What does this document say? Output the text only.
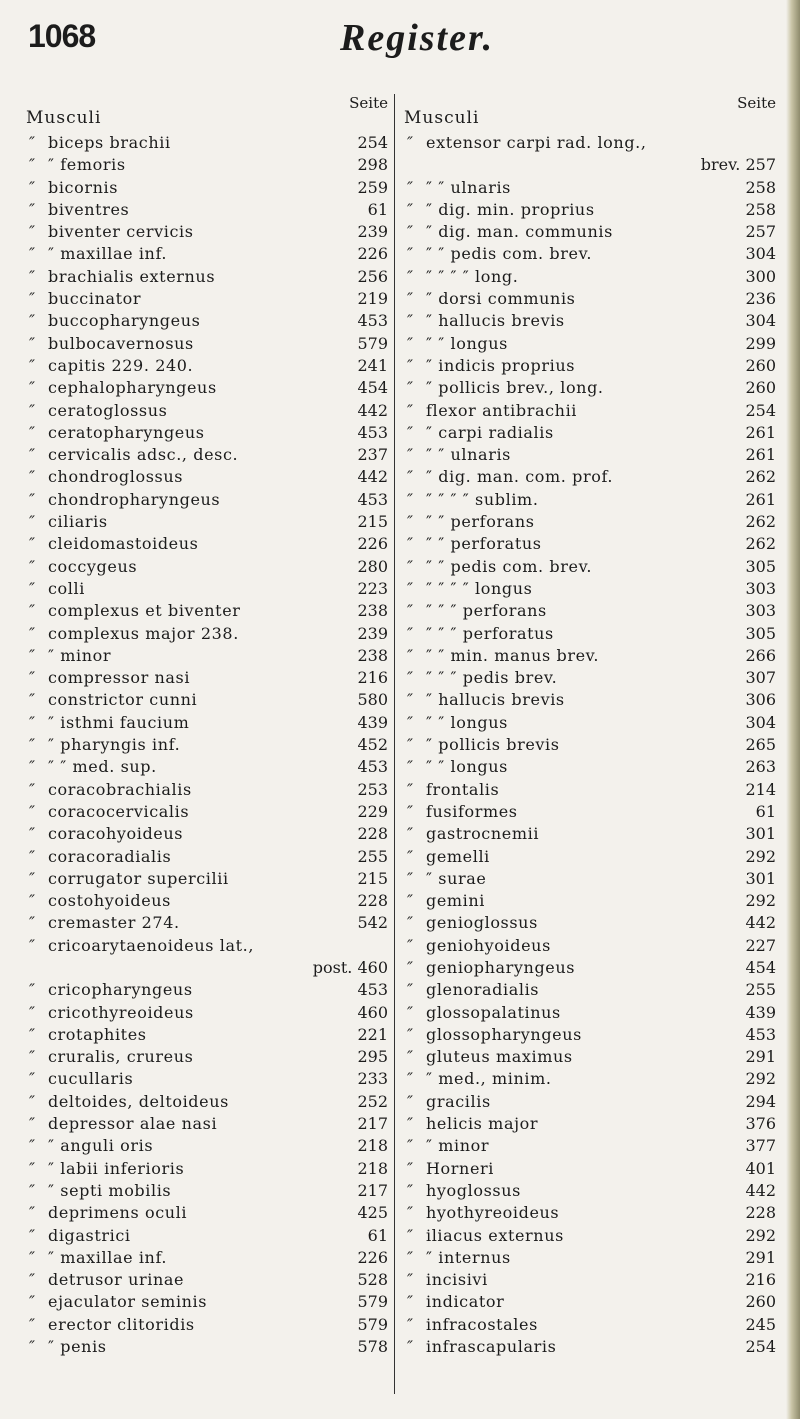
1068	Register.
Seite
Musculi
″ biceps brachii	254
″ ″ femoris	298
″ bicornis	259
″ biventres	61
″ biventer cervicis	239
″ ″ maxillae inf.	226
″ brachialis externus	256
″ buccinator	219
″ buccopharyngeus	453
″ bulbocavernosus	579
″ capitis 229. 240.	241
″ cephalopharyngeus	454
″ ceratoglossus	442
″ ceratopharyngeus	453
″ cervicalis adsc., desc.	237
″ chondroglossus	442
″ chondropharyngeus	453
″ ciliaris	215
″ cleidomastoideus	226
″ coccygeus	280
″ colli	223
″ complexus et biventer	238
″ complexus major 238.	239
″ ″ minor	238
″ compressor nasi	216
″ constrictor cunni	580
″ ″ isthmi faucium	439
″ ″ pharyngis inf.	452
″ ″ ″ med. sup.	453
″ coracobrachialis	253
″ coracocervicalis	229
″ coracohyoideus	228
″ coracoradialis	255
″ corrugator supercilii	215
″ costohyoideus	228
″ cremaster 274.	542
″ cricoarytaenoideus lat.,
post. 460
″ cricopharyngeus	453
″ cricothyreoideus	460
″ crotaphites	221
″ cruralis, crureus	295
″ cucullaris	233
″ deltoides, deltoideus	252
″ depressor alae nasi	217
″ ″ anguli oris	218
″ ″ labii inferioris	218
″ ″ septi mobilis	217
″ deprimens oculi	425
″ digastrici	61
″ ″ maxillae inf.	226
″ detrusor urinae	528
″ ejaculator seminis	579
″ erector clitoridis	579
″ ″ penis	578
Seite
Musculi
″ extensor carpi rad. long.,
brev. 257
″ ″ ″ ulnaris	258
″ ″ dig. min. proprius	258
″ ″ dig. man. communis	257
″ ″ ″ pedis com. brev.	304
″ ″ ″ ″ ″ long.	300
″ ″ dorsi communis	236
″ ″ hallucis brevis	304
″ ″ ″ longus	299
″ ″ indicis proprius	260
″ ″ pollicis brev., long.	260
″ flexor antibrachii	254
″ ″ carpi radialis	261
″ ″ ″ ulnaris	261
″ ″ dig. man. com. prof.	262
″ ″ ″ ″ ″ sublim.	261
″ ″ ″ perforans	262
″ ″ ″ perforatus	262
″ ″ ″ pedis com. brev.	305
″ ″ ″ ″ ″ longus	303
″ ″ ″ ″ perforans	303
″ ″ ″ ″ perforatus	305
″ ″ ″ min. manus brev.	266
″ ″ ″ ″ pedis brev.	307
″ ″ hallucis brevis	306
″ ″ ″ longus	304
″ ″ pollicis brevis	265
″ ″ ″ longus	263
″ frontalis	214
″ fusiformes	61
″ gastrocnemii	301
″ gemelli	292
″ ″ surae	301
″ gemini	292
″ genioglossus	442
″ geniohyoideus	227
″ geniopharyngeus	454
″ glenoradialis	255
″ glossopalatinus	439
″ glossopharyngeus	453
″ gluteus maximus	291
″ ″ med., minim.	292
″ gracilis	294
″ helicis major	376
″ ″ minor	377
″ Horneri	401
″ hyoglossus	442
″ hyothyreoideus	228
″ iliacus externus	292
″ ″ internus	291
″ incisivi	216
″ indicator	260
″ infracostales	245
″ infrascapularis	254
